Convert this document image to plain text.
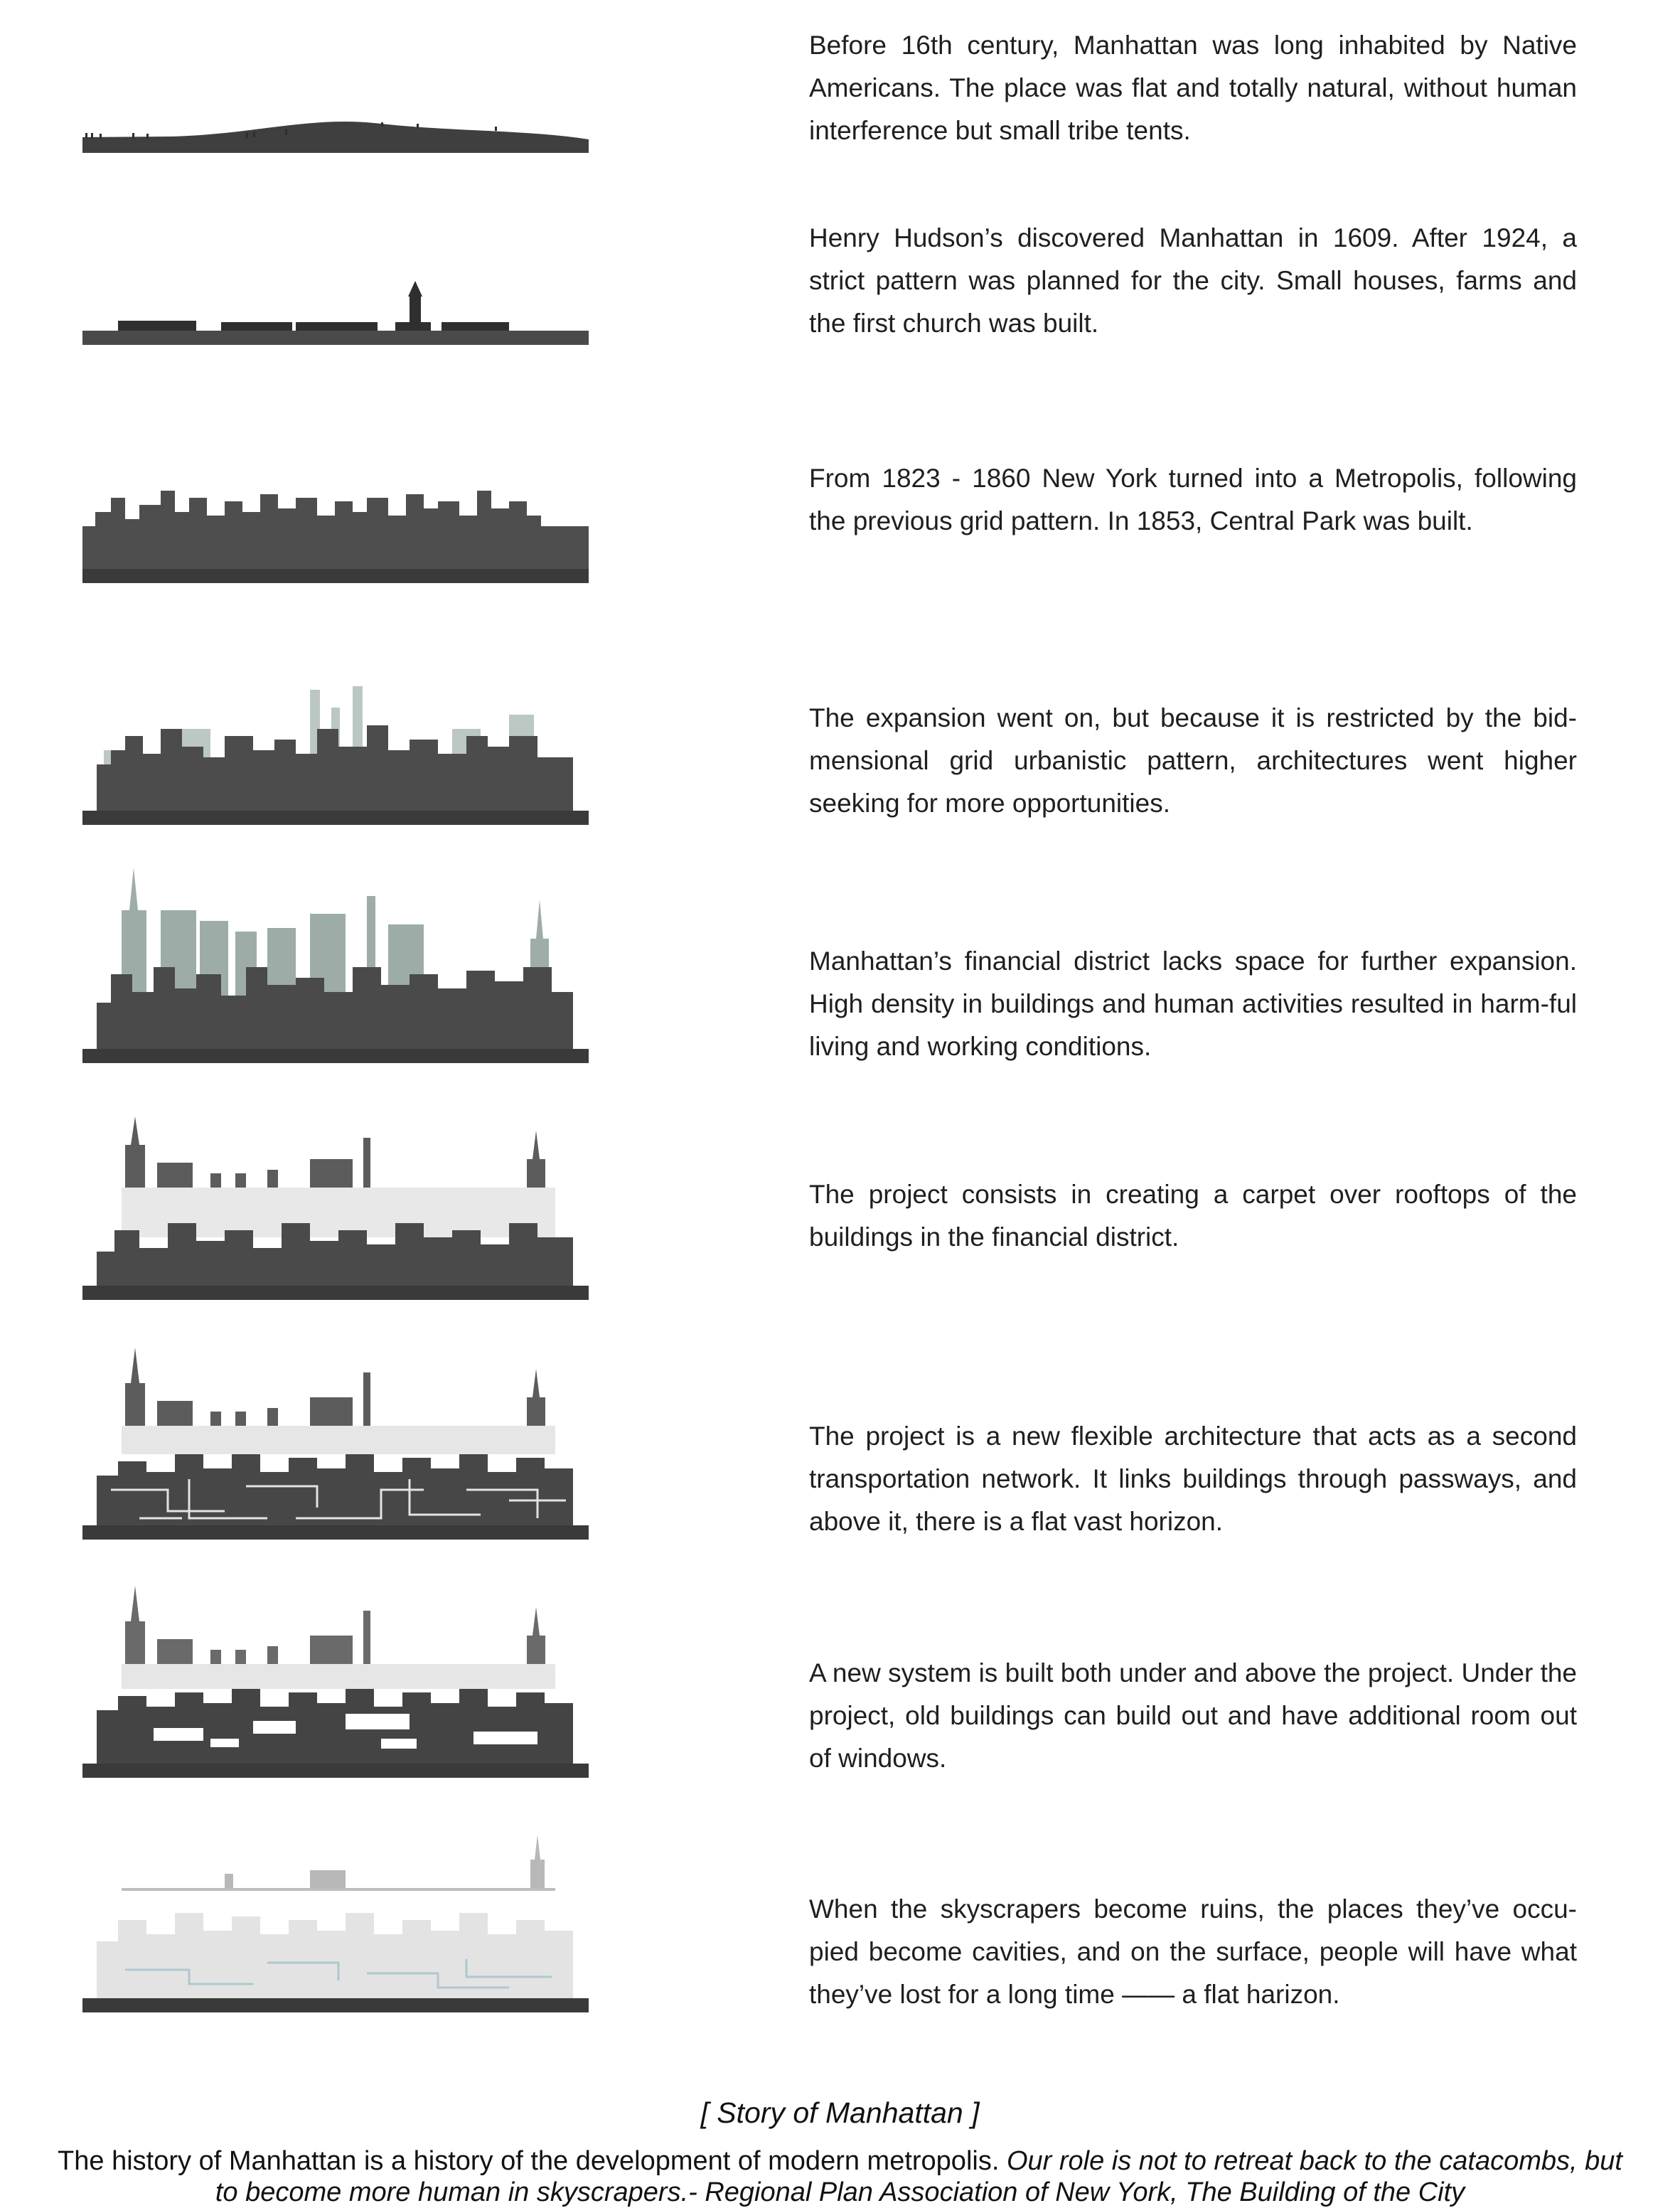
Before 16th century, Manhattan was long inhabited by Native Americans. The place was flat and totally natural, without human interference but small tribe tents.
Henry Hudson’s discovered Manhattan in 1609. After 1924, a strict pattern was planned for the city. Small houses, farms and the first church was built.
From 1823 - 1860 New York turned into a Metropolis, following the previous grid pattern. In 1853, Central Park was built.
The expansion went on, but because it is restricted by the bid-mensional grid urbanistic pattern, architectures went higher seeking for more opportunities.
Manhattan’s financial district lacks space for further expansion. High density in buildings and human activities resulted in harm-ful living and working conditions.
The project consists in creating a carpet over rooftops of the buildings in the financial district.
The project is a new flexible architecture that acts as a second transportation network. It links buildings through passways, and above it, there is a flat vast horizon.
A new system is built both under and above the project. Under the project, old buildings can build out and have additional room out of windows.
When the skyscrapers become ruins, the places they’ve occu-pied become cavities, and on the surface, people will have what they’ve lost for a long time —— a flat harizon.
[ Story of Manhattan ]
The history of Manhattan is a history of the development of modern metropolis. Our role is not to retreat back to the catacombs, but to become more human in skyscrapers.- Regional Plan Association of New York, The Building of the City
